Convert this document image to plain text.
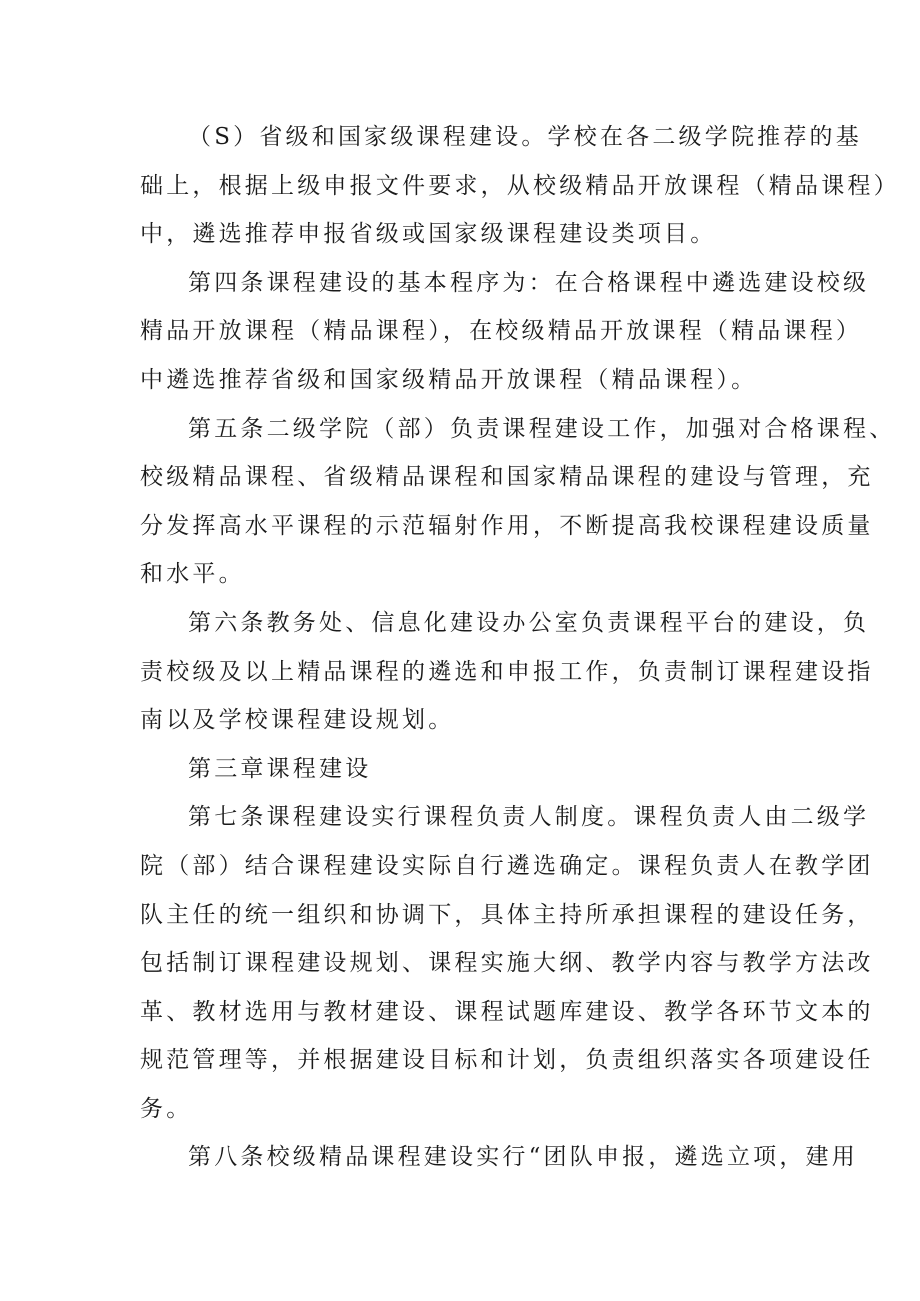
（S）省级和国家级课程建设。学校在各二级学院推荐的基
础上，根据上级申报文件要求，从校级精品开放课程（精品课程）
中，遴选推荐申报省级或国家级课程建设类项目。

第四条课程建设的基本程序为：在合格课程中遴选建设校级
精品开放课程（精品课程），在校级精品开放课程（精品课程）
中遴选推荐省级和国家级精品开放课程（精品课程）。

第五条二级学院（部）负责课程建设工作，加强对合格课程、
校级精品课程、省级精品课程和国家精品课程的建设与管理，充
分发挥高水平课程的示范辐射作用，不断提高我校课程建设质量
和水平。

第六条教务处、信息化建设办公室负责课程平台的建设，负
责校级及以上精品课程的遴选和申报工作，负责制订课程建设指
南以及学校课程建设规划。

第三章课程建设

第七条课程建设实行课程负责人制度。课程负责人由二级学
院（部）结合课程建设实际自行遴选确定。课程负责人在教学团
队主任的统一组织和协调下，具体主持所承担课程的建设任务，
包括制订课程建设规划、课程实施大纲、教学内容与教学方法改
革、教材选用与教材建设、课程试题库建设、教学各环节文本的
规范管理等，并根据建设目标和计划，负责组织落实各项建设任
务。

第八条校级精品课程建设实行“团队申报，遴选立项，建用
